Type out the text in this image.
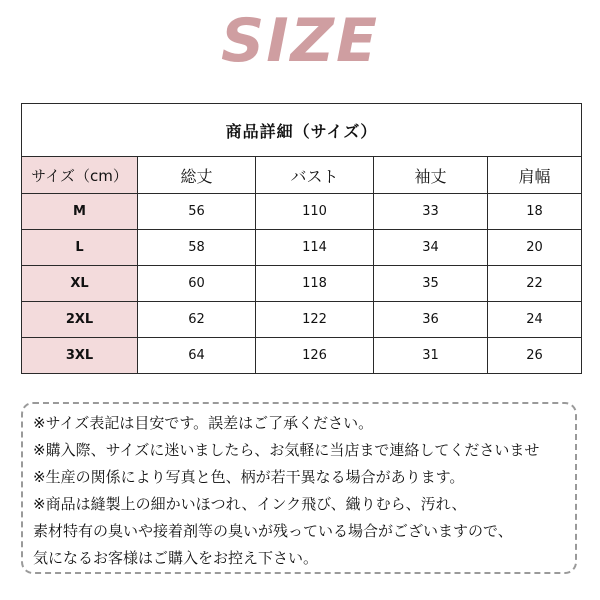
SIZE
商品詳細（サイズ）				
サイズ（cm）	総丈	バスト	袖丈	肩幅
M	56	110	33	18
L	58	114	34	20
XL	60	118	35	22
2XL	62	122	36	24
3XL	64	126	31	26
※サイズ表記は目安です。誤差はご了承ください。
※購入際、サイズに迷いましたら、お気軽に当店まで連絡してくださいませ
※生産の関係により写真と色、柄が若干異なる場合があります。
※商品は縫製上の細かいほつれ、インク飛び、織りむら、汚れ、
素材特有の臭いや接着剤等の臭いが残っている場合がございますので、
気になるお客様はご購入をお控え下さい。
